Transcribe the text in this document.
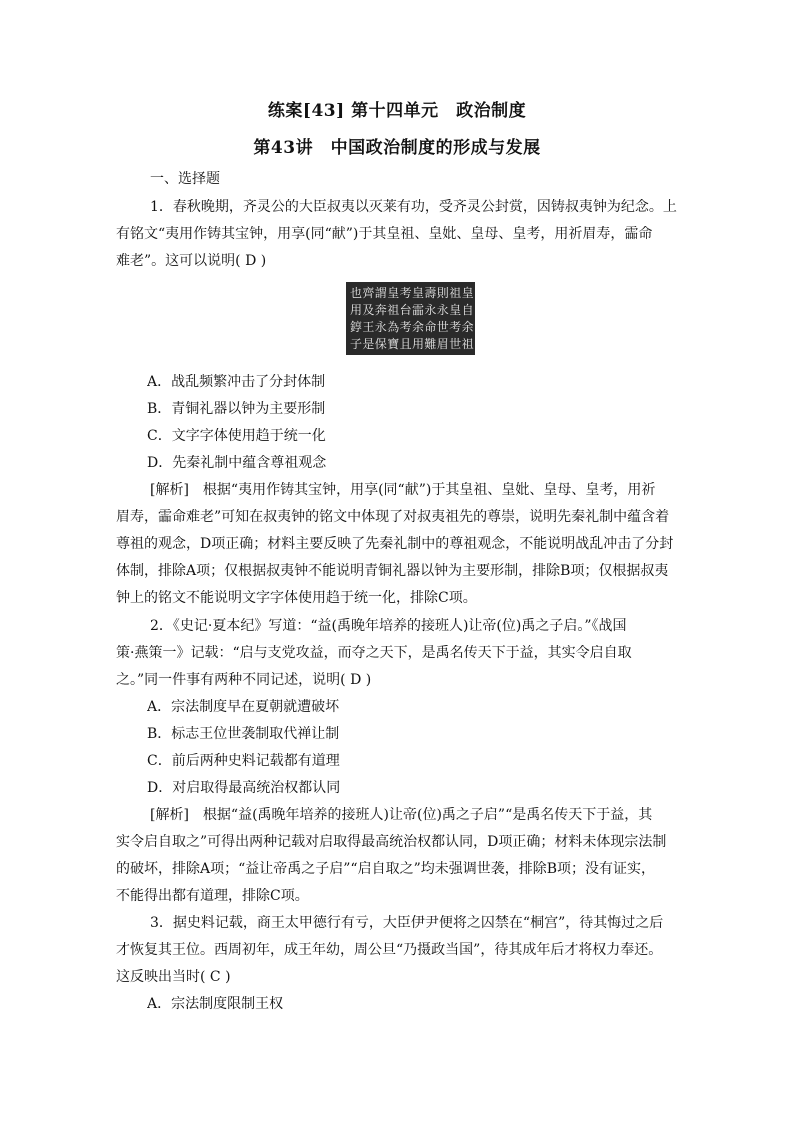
练案[43] 第十四单元　政治制度
第43讲　中国政治制度的形成与发展
一、选择题
1．春秋晚期，齐灵公的大臣叔夷以灭莱有功，受齐灵公封赏，因铸叔夷钟为纪念。上
有铭文“夷用作铸其宝钟，用享(同“献”)于其皇祖、皇妣、皇母、皇考，用祈眉寿，霝命
难老”。这可以说明( D )
也 齊 謂 皇 考 皇 壽 則 祖 皇
用 及 奔 祖 台 霝 永 永 皇 自
錞 王 永 為 考 余 命 世 考 余
子 是 保 寶 且 用 難 眉 世 祖
A．战乱频繁冲击了分封体制
B．青铜礼器以钟为主要形制
C．文字字体使用趋于统一化
D．先秦礼制中蕴含尊祖观念
[解析]　根据“夷用作铸其宝钟，用享(同“献”)于其皇祖、皇妣、皇母、皇考，用祈
眉寿，霝命难老”可知在叔夷钟的铭文中体现了对叔夷祖先的尊崇，说明先秦礼制中蕴含着
尊祖的观念，D项正确；材料主要反映了先秦礼制中的尊祖观念，不能说明战乱冲击了分封
体制，排除A项；仅根据叔夷钟不能说明青铜礼器以钟为主要形制，排除B项；仅根据叔夷
钟上的铭文不能说明文字字体使用趋于统一化，排除C项。
2．《史记·夏本纪》写道：“益(禹晚年培养的接班人)让帝(位)禹之子启。”《战国
策·燕策一》记载：“启与支党攻益，而夺之天下，是禹名传天下于益，其实令启自取
之。”同一件事有两种不同记述，说明( D )
A．宗法制度早在夏朝就遭破坏
B．标志王位世袭制取代禅让制
C．前后两种史料记载都有道理
D．对启取得最高统治权都认同
[解析]　根据“益(禹晚年培养的接班人)让帝(位)禹之子启”“是禹名传天下于益，其
实令启自取之”可得出两种记载对启取得最高统治权都认同，D项正确；材料未体现宗法制
的破坏，排除A项；“益让帝禹之子启”“启自取之”均未强调世袭，排除B项；没有证实，
不能得出都有道理，排除C项。
3．据史料记载，商王太甲德行有亏，大臣伊尹便将之囚禁在“桐宫”，待其悔过之后
才恢复其王位。西周初年，成王年幼，周公旦“乃摄政当国”，待其成年后才将权力奉还。
这反映出当时( C )
A．宗法制度限制王权
